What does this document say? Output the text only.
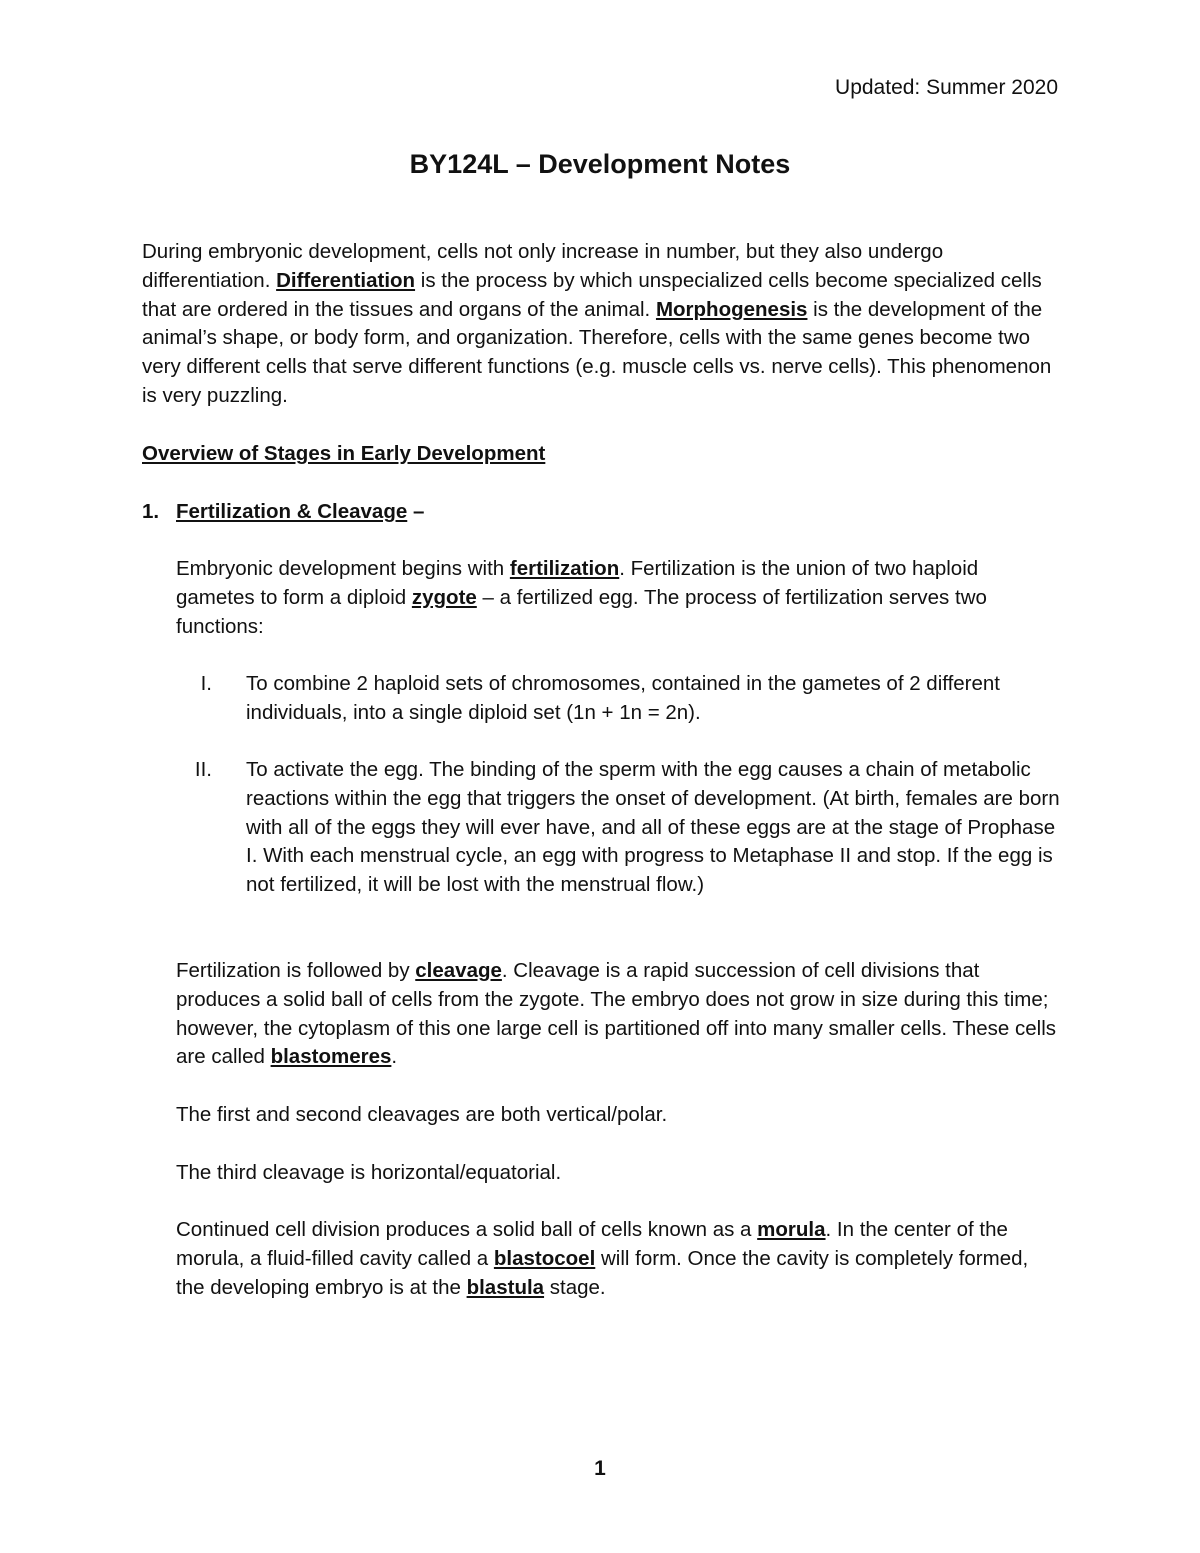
Updated: Summer 2020
BY124L – Development Notes

During embryonic development, cells not only increase in number, but they also undergo differentiation. Differentiation is the process by which unspecialized cells become specialized cells that are ordered in the tissues and organs of the animal. Morphogenesis is the development of the animal’s shape, or body form, and organization. Therefore, cells with the same genes become two very different cells that serve different functions (e.g. muscle cells vs. nerve cells). This phenomenon is very puzzling.

Overview of Stages in Early Development

1. Fertilization & Cleavage –

Embryonic development begins with fertilization. Fertilization is the union of two haploid gametes to form a diploid zygote – a fertilized egg. The process of fertilization serves two functions:

I. To combine 2 haploid sets of chromosomes, contained in the gametes of 2 different individuals, into a single diploid set (1n + 1n = 2n).
II. To activate the egg. The binding of the sperm with the egg causes a chain of metabolic reactions within the egg that triggers the onset of development. (At birth, females are born with all of the eggs they will ever have, and all of these eggs are at the stage of Prophase I. With each menstrual cycle, an egg with progress to Metaphase II and stop. If the egg is not fertilized, it will be lost with the menstrual flow.)

Fertilization is followed by cleavage. Cleavage is a rapid succession of cell divisions that produces a solid ball of cells from the zygote. The embryo does not grow in size during this time; however, the cytoplasm of this one large cell is partitioned off into many smaller cells. These cells are called blastomeres.

The first and second cleavages are both vertical/polar.

The third cleavage is horizontal/equatorial.

Continued cell division produces a solid ball of cells known as a morula. In the center of the morula, a fluid-filled cavity called a blastocoel will form. Once the cavity is completely formed, the developing embryo is at the blastula stage.

1
